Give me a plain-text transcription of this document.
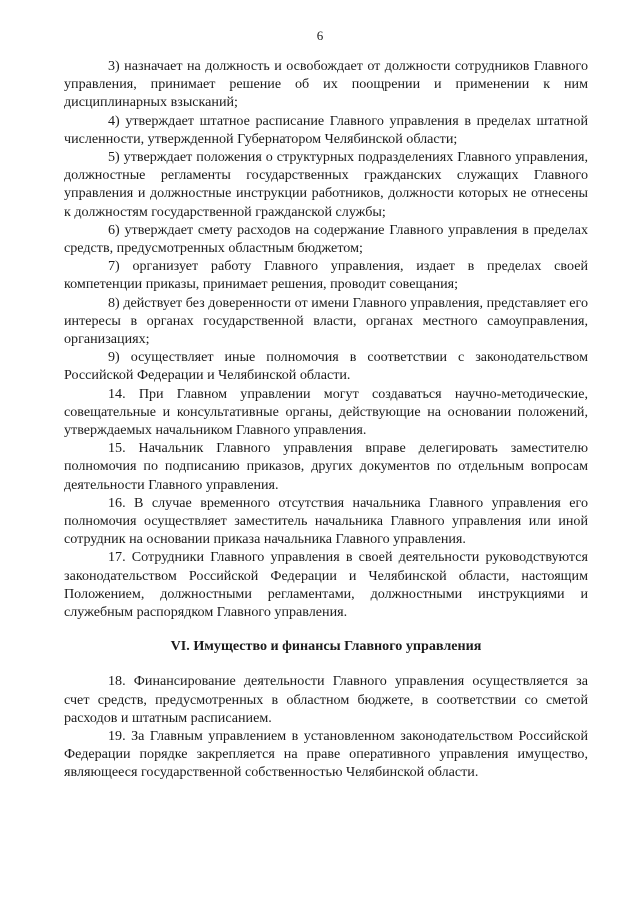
6

3) назначает на должность и освобождает от должности сотрудников Главного управления, принимает решение об их поощрении и применении к ним дисциплинарных взысканий;

4) утверждает штатное расписание Главного управления в пределах штатной численности, утвержденной Губернатором Челябинской области;

5) утверждает положения о структурных подразделениях Главного управления, должностные регламенты государственных гражданских служащих Главного управления и должностные инструкции работников, должности которых не отнесены к должностям государственной гражданской службы;

6) утверждает смету расходов на содержание Главного управления в пределах средств, предусмотренных областным бюджетом;

7) организует работу Главного управления, издает в пределах своей компетенции приказы, принимает решения, проводит совещания;

8) действует без доверенности от имени Главного управления, представляет его интересы в органах государственной власти, органах местного самоуправления, организациях;

9) осуществляет иные полномочия в соответствии с законодательством Российской Федерации и Челябинской области.

14. При Главном управлении могут создаваться научно-методические, совещательные и консультативные органы, действующие на основании положений, утверждаемых начальником Главного управления.

15. Начальник Главного управления вправе делегировать заместителю полномочия по подписанию приказов, других документов по отдельным вопросам деятельности Главного управления.

16. В случае временного отсутствия начальника Главного управления его полномочия осуществляет заместитель начальника Главного управления или иной сотрудник на основании приказа начальника Главного управления.

17. Сотрудники Главного управления в своей деятельности руководствуются законодательством Российской Федерации и Челябинской области, настоящим Положением, должностными регламентами, должностными инструкциями и служебным распорядком Главного управления.

VI. Имущество и финансы Главного управления

18. Финансирование деятельности Главного управления осуществляется за счет средств, предусмотренных в областном бюджете, в соответствии со сметой расходов и штатным расписанием.

19. За Главным управлением в установленном законодательством Российской Федерации порядке закрепляется на праве оперативного управления имущество, являющееся государственной собственностью Челябинской области.
